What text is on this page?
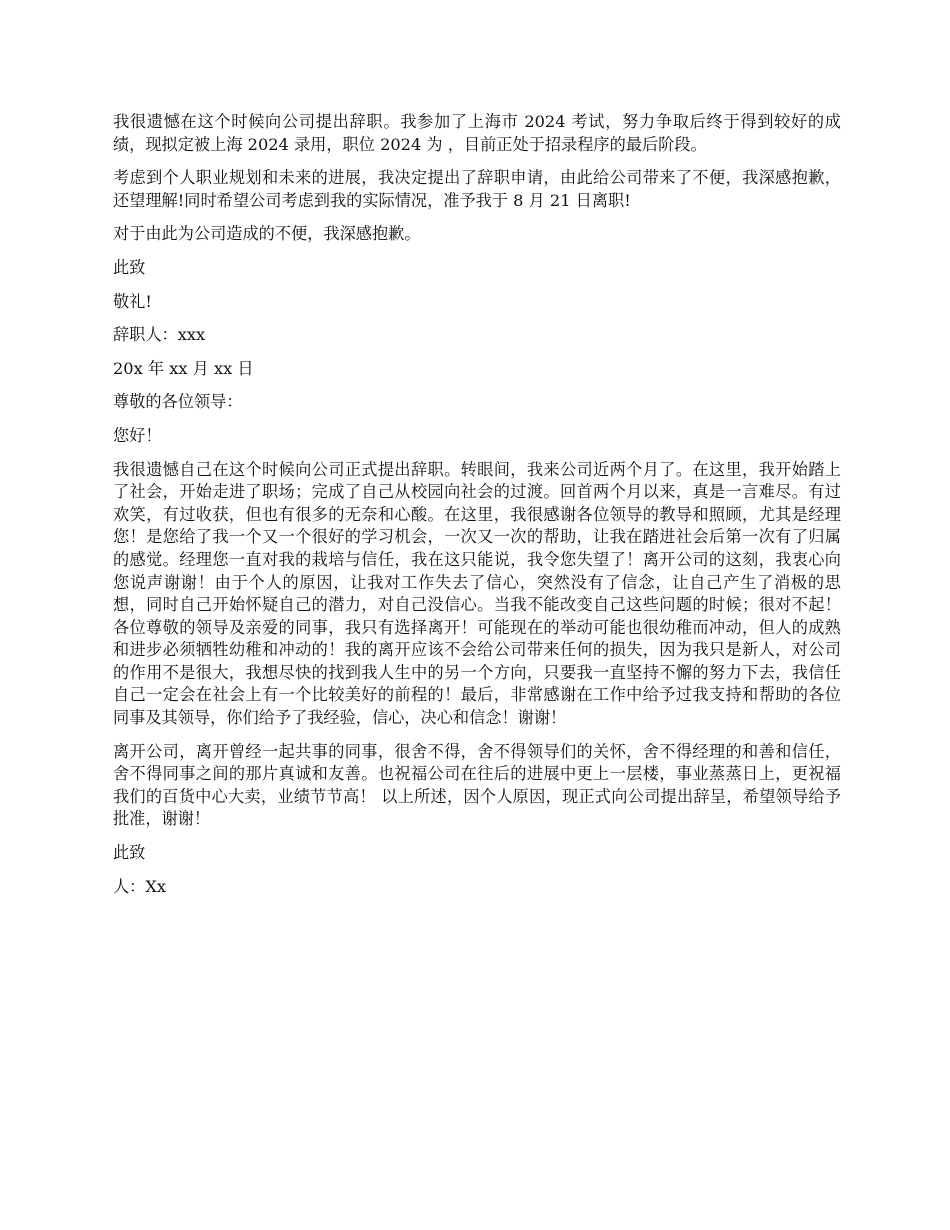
我很遗憾在这个时候向公司提出辞职。我参加了上海市 2024 考试，努力争取后终于得到较好的成绩，现拟定被上海 2024 录用，职位 2024 为 ，目前正处于招录程序的最后阶段。

考虑到个人职业规划和未来的进展，我决定提出了辞职申请，由此给公司带来了不便，我深感抱歉，还望理解!同时希望公司考虑到我的实际情况，准予我于 8 月 21 日离职!

对于由此为公司造成的不便，我深感抱歉。

此致

敬礼!

辞职人：xxx

20x 年 xx 月 xx 日

尊敬的各位领导：

您好！

我很遗憾自己在这个时候向公司正式提出辞职。转眼间，我来公司近两个月了。在这里，我开始踏上了社会，开始走进了职场；完成了自己从校园向社会的过渡。回首两个月以来，真是一言难尽。有过欢笑，有过收获，但也有很多的无奈和心酸。在这里，我很感谢各位领导的教导和照顾，尤其是经理您！是您给了我一个又一个很好的学习机会，一次又一次的帮助，让我在踏进社会后第一次有了归属的感觉。经理您一直对我的栽培与信任，我在这只能说，我令您失望了！离开公司的这刻，我衷心向您说声谢谢！由于个人的原因，让我对工作失去了信心，突然没有了信念，让自己产生了消极的思想，同时自己开始怀疑自己的潜力，对自己没信心。当我不能改变自己这些问题的时候；很对不起！各位尊敬的领导及亲爱的同事，我只有选择离开！可能现在的举动可能也很幼稚而冲动，但人的成熟和进步必须牺牲幼稚和冲动的！我的离开应该不会给公司带来任何的损失，因为我只是新人，对公司的作用不是很大，我想尽快的找到我人生中的另一个方向，只要我一直坚持不懈的努力下去，我信任自己一定会在社会上有一个比较美好的前程的！最后，非常感谢在工作中给予过我支持和帮助的各位同事及其领导，你们给予了我经验，信心，决心和信念！谢谢！

离开公司，离开曾经一起共事的同事，很舍不得，舍不得领导们的关怀，舍不得经理的和善和信任，舍不得同事之间的那片真诚和友善。也祝福公司在往后的进展中更上一层楼，事业蒸蒸日上，更祝福我们的百货中心大卖，业绩节节高！ 以上所述，因个人原因，现正式向公司提出辞呈，希望领导给予批准，谢谢！

此致

人：Xx
